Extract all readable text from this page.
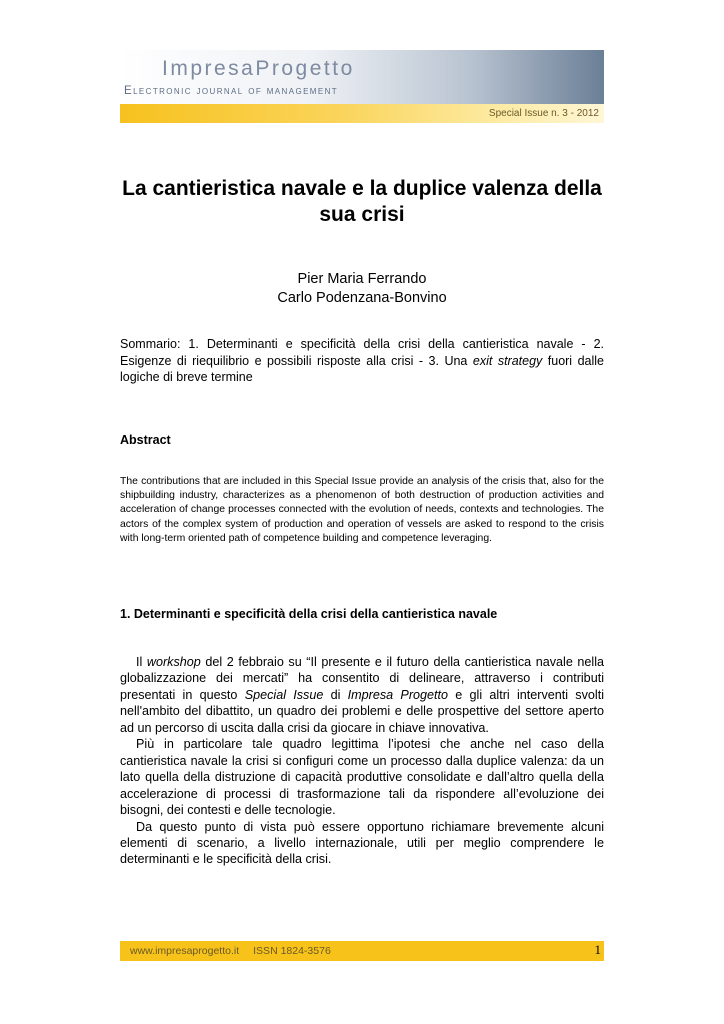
ImpresaProgetto
Electronic journal of management
Special Issue n. 3 - 2012
La cantieristica navale e la duplice valenza della sua crisi
Pier Maria Ferrando
Carlo Podenzana-Bonvino

Sommario: 1. Determinanti e specificità della crisi della cantieristica navale - 2. Esigenze di riequilibrio e possibili risposte alla crisi - 3. Una exit strategy fuori dalle logiche di breve termine

Abstract

The contributions that are included in this Special Issue provide an analysis of the crisis that, also for the shipbuilding industry, characterizes as a phenomenon of both destruction of production activities and acceleration of change processes connected with the evolution of needs, contexts and technologies. The actors of the complex system of production and operation of vessels are asked to respond to the crisis with long-term oriented path of competence building and competence leveraging.

1. Determinanti e specificità della crisi della cantieristica navale

Il workshop del 2 febbraio su “Il presente e il futuro della cantieristica navale nella globalizzazione dei mercati” ha consentito di delineare, attraverso i contributi presentati in questo Special Issue di Impresa Progetto e gli altri interventi svolti nell'ambito del dibattito, un quadro dei problemi e delle prospettive del settore aperto ad un percorso di uscita dalla crisi da giocare in chiave innovativa.

Più in particolare tale quadro legittima l’ipotesi che anche nel caso della cantieristica navale la crisi si configuri come un processo dalla duplice valenza: da un lato quella della distruzione di capacità produttive consolidate e dall’altro quella della accelerazione di processi di trasformazione tali da rispondere all’evoluzione dei bisogni, dei contesti e delle tecnologie.

Da questo punto di vista può essere opportuno richiamare brevemente alcuni elementi di scenario, a livello internazionale, utili per meglio comprendere le determinanti e le specificità della crisi.

www.impresaprogetto.it ISSN 1824-3576	1
